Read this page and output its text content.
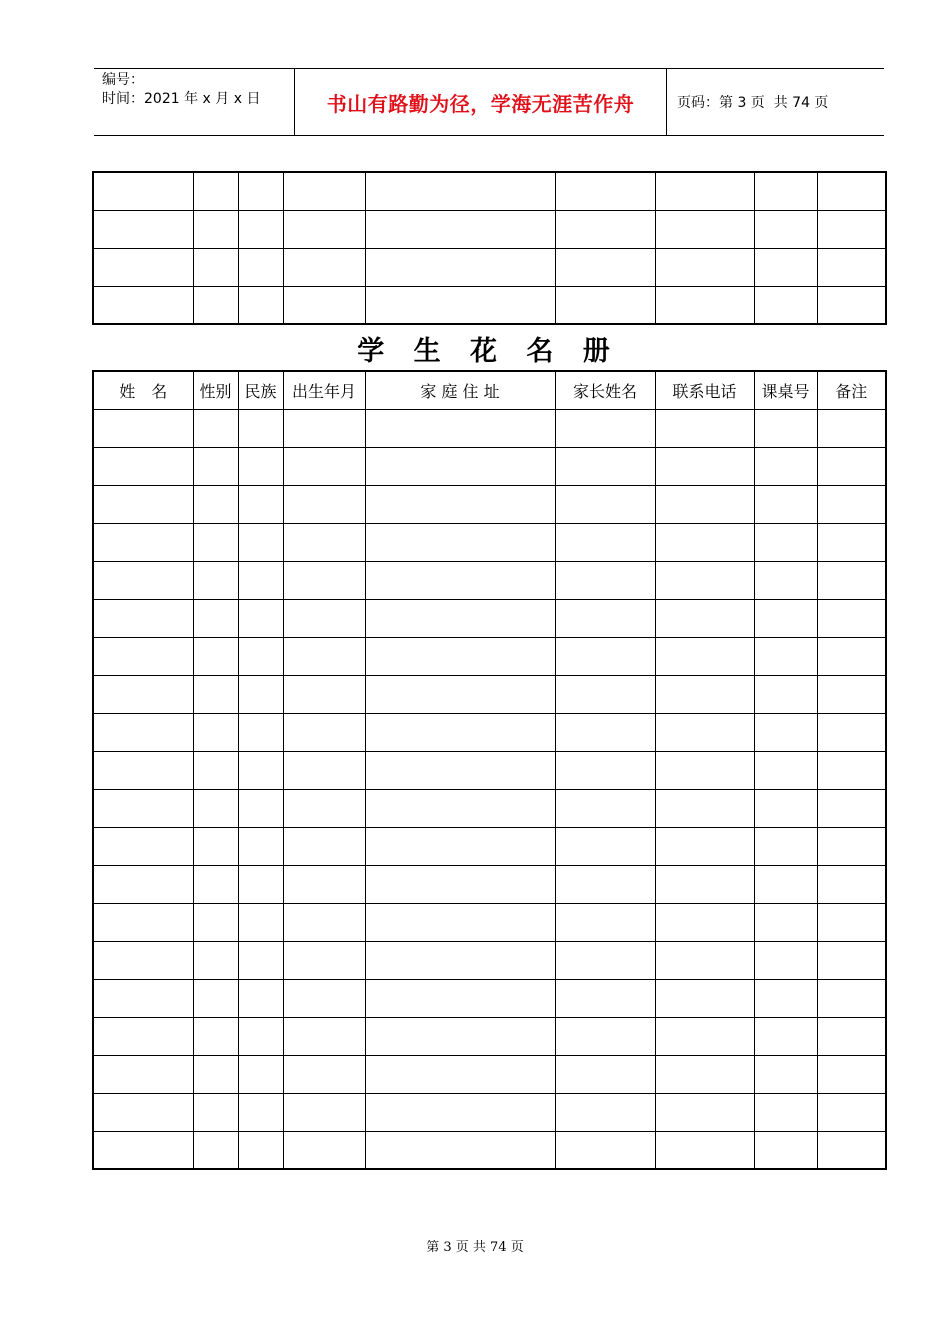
编号：
时间：2021 年 x 月 x 日	书山有路勤为径，学海无涯苦作舟	页码：第 3 页  共 74 页

学 生 花 名 册
姓　名	性别	民族	出生年月	家 庭 住 址	家长姓名	联系电话	课桌号	备注

第 3 页 共 74 页
